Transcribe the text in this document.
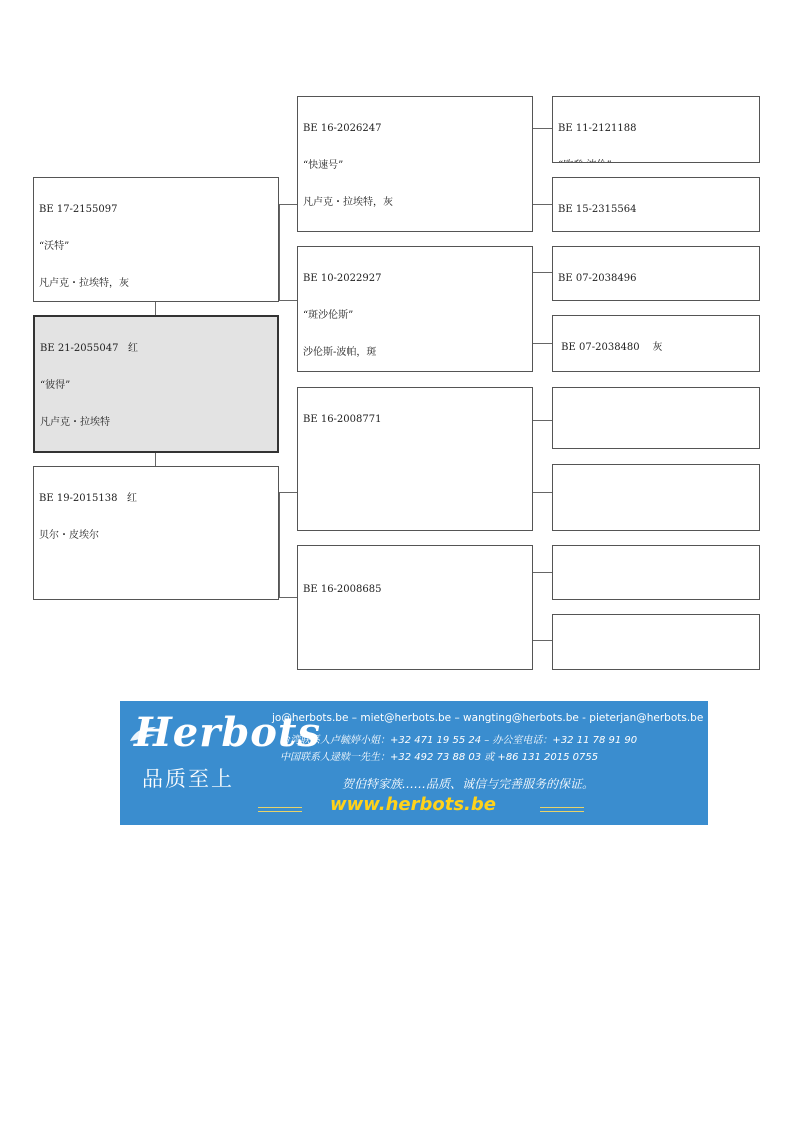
BE 17-2155097

“沃特”

凡卢克・拉埃特，灰

BE 21-2055047   红

“彼得”

凡卢克・拉埃特

BE 19-2015138   红

贝尔・皮埃尔

BE 16-2026247

“快速号”

凡卢克・拉埃特，灰

BE 10-2022927

“斑沙伦斯”

沙伦斯-波帕，斑

BE 16-2008771

BE 16-2008685

BE 11-2121188

BE 15-2315564

BE 07-2038496

BE 07-2038480    灰

Herbots
品质至上
jo@herbots.be – miet@herbots.be – wangting@herbots.be - pieterjan@herbots.be
台湾联系人卢毓婷小姐：+32 471 19 55 24 – 办公室电话：+32 11 78 91 90
中国联系人逯赎一先生：+32 492 73 88 03 或 +86 131 2015 0755
贺伯特家族……品质、诚信与完善服务的保证。
www.herbots.be
